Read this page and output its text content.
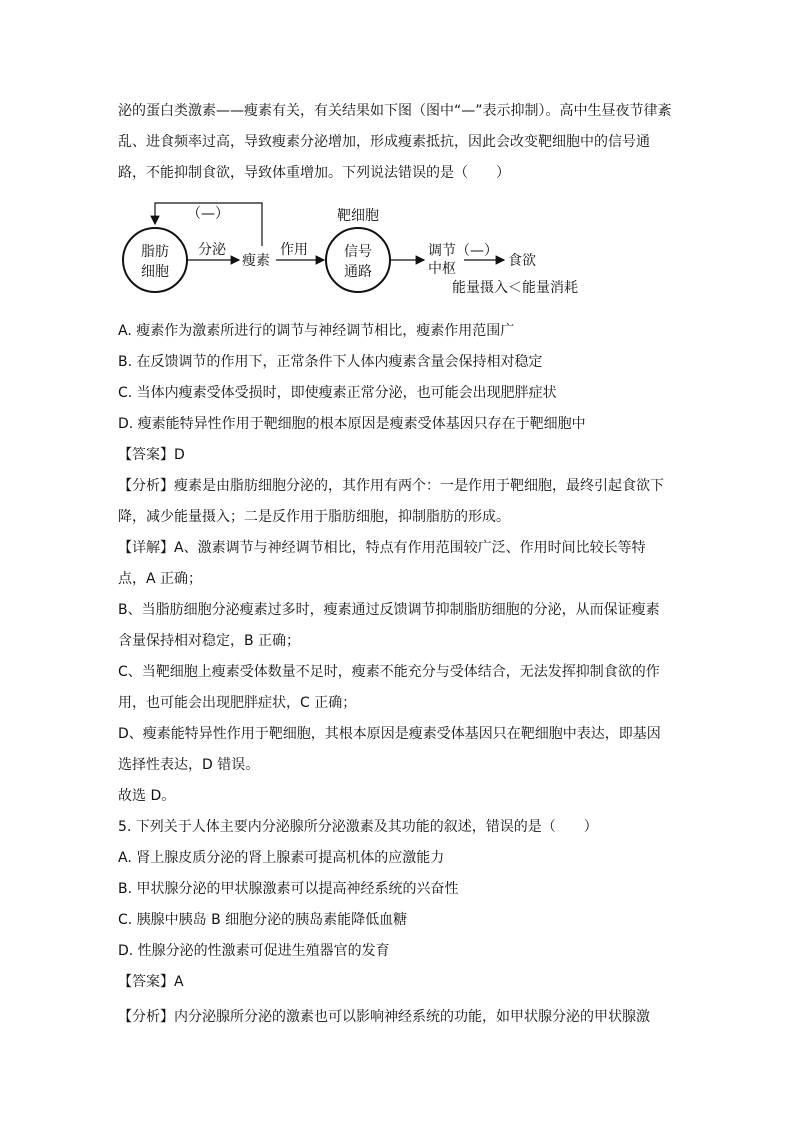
泌的蛋白类激素——瘦素有关，有关结果如下图（图中“—”表示抑制）。高中生昼夜节律紊
乱、进食频率过高，导致瘦素分泌增加，形成瘦素抵抗，因此会改变靶细胞中的信号通
路，不能抑制食欲，导致体重增加。下列说法错误的是（　　）
脂肪
细胞
分泌
瘦素
（—）
作用
靶细胞
信号
通路
调节（—）
中枢	食欲
能量摄入＜能量消耗
A. 瘦素作为激素所进行的调节与神经调节相比，瘦素作用范围广
B. 在反馈调节的作用下，正常条件下人体内瘦素含量会保持相对稳定
C. 当体内瘦素受体受损时，即使瘦素正常分泌，也可能会出现肥胖症状
D. 瘦素能特异性作用于靶细胞的根本原因是瘦素受体基因只存在于靶细胞中
【答案】D
【分析】瘦素是由脂肪细胞分泌的，其作用有两个：一是作用于靶细胞，最终引起食欲下
降，减少能量摄入；二是反作用于脂肪细胞，抑制脂肪的形成。
【详解】A、激素调节与神经调节相比，特点有作用范围较广泛、作用时间比较长等特
点，A 正确；
B、当脂肪细胞分泌瘦素过多时，瘦素通过反馈调节抑制脂肪细胞的分泌，从而保证瘦素
含量保持相对稳定，B 正确；
C、当靶细胞上瘦素受体数量不足时，瘦素不能充分与受体结合，无法发挥抑制食欲的作
用，也可能会出现肥胖症状，C 正确；
D、瘦素能特异性作用于靶细胞，其根本原因是瘦素受体基因只在靶细胞中表达，即基因
选择性表达，D 错误。
故选 D。
5. 下列关于人体主要内分泌腺所分泌激素及其功能的叙述，错误的是（　　）
A. 肾上腺皮质分泌的肾上腺素可提高机体的应激能力
B. 甲状腺分泌的甲状腺激素可以提高神经系统的兴奋性
C. 胰腺中胰岛 B 细胞分泌的胰岛素能降低血糖
D. 性腺分泌的性激素可促进生殖器官的发育
【答案】A
【分析】内分泌腺所分泌的激素也可以影响神经系统的功能，如甲状腺分泌的甲状腺激
